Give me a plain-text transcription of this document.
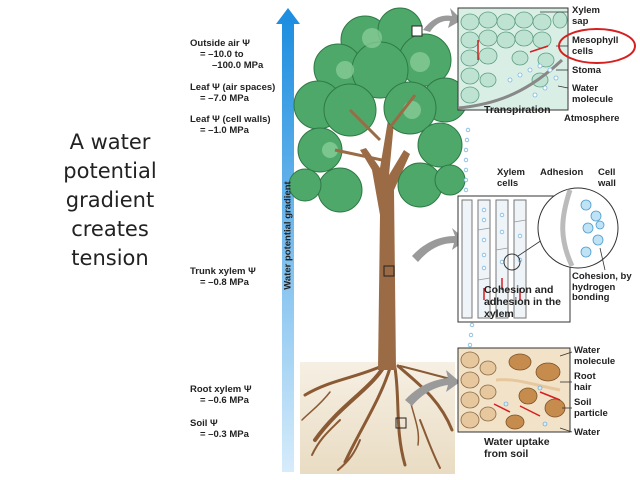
A water potential gradient creates tension	Water potential gradient
Outside air Ψ
= –10.0 to
–100.0 MPa
Leaf Ψ (air spaces)
= –7.0 MPa
Leaf Ψ (cell walls)
= –1.0 MPa
Trunk xylem Ψ
= –0.8 MPa
Root xylem Ψ
= –0.6 MPa
Soil Ψ
= –0.3 MPa
Xylem sap
Mesophyll cells
Stoma
Water molecule
Transpiration
Atmosphere
Xylem cells
Adhesion Cell wall
Cohesion and adhesion in the xylem
Cohesion, by hydrogen bonding
Water molecule
Root hair
Soil particle
Water
Water uptake from soil
